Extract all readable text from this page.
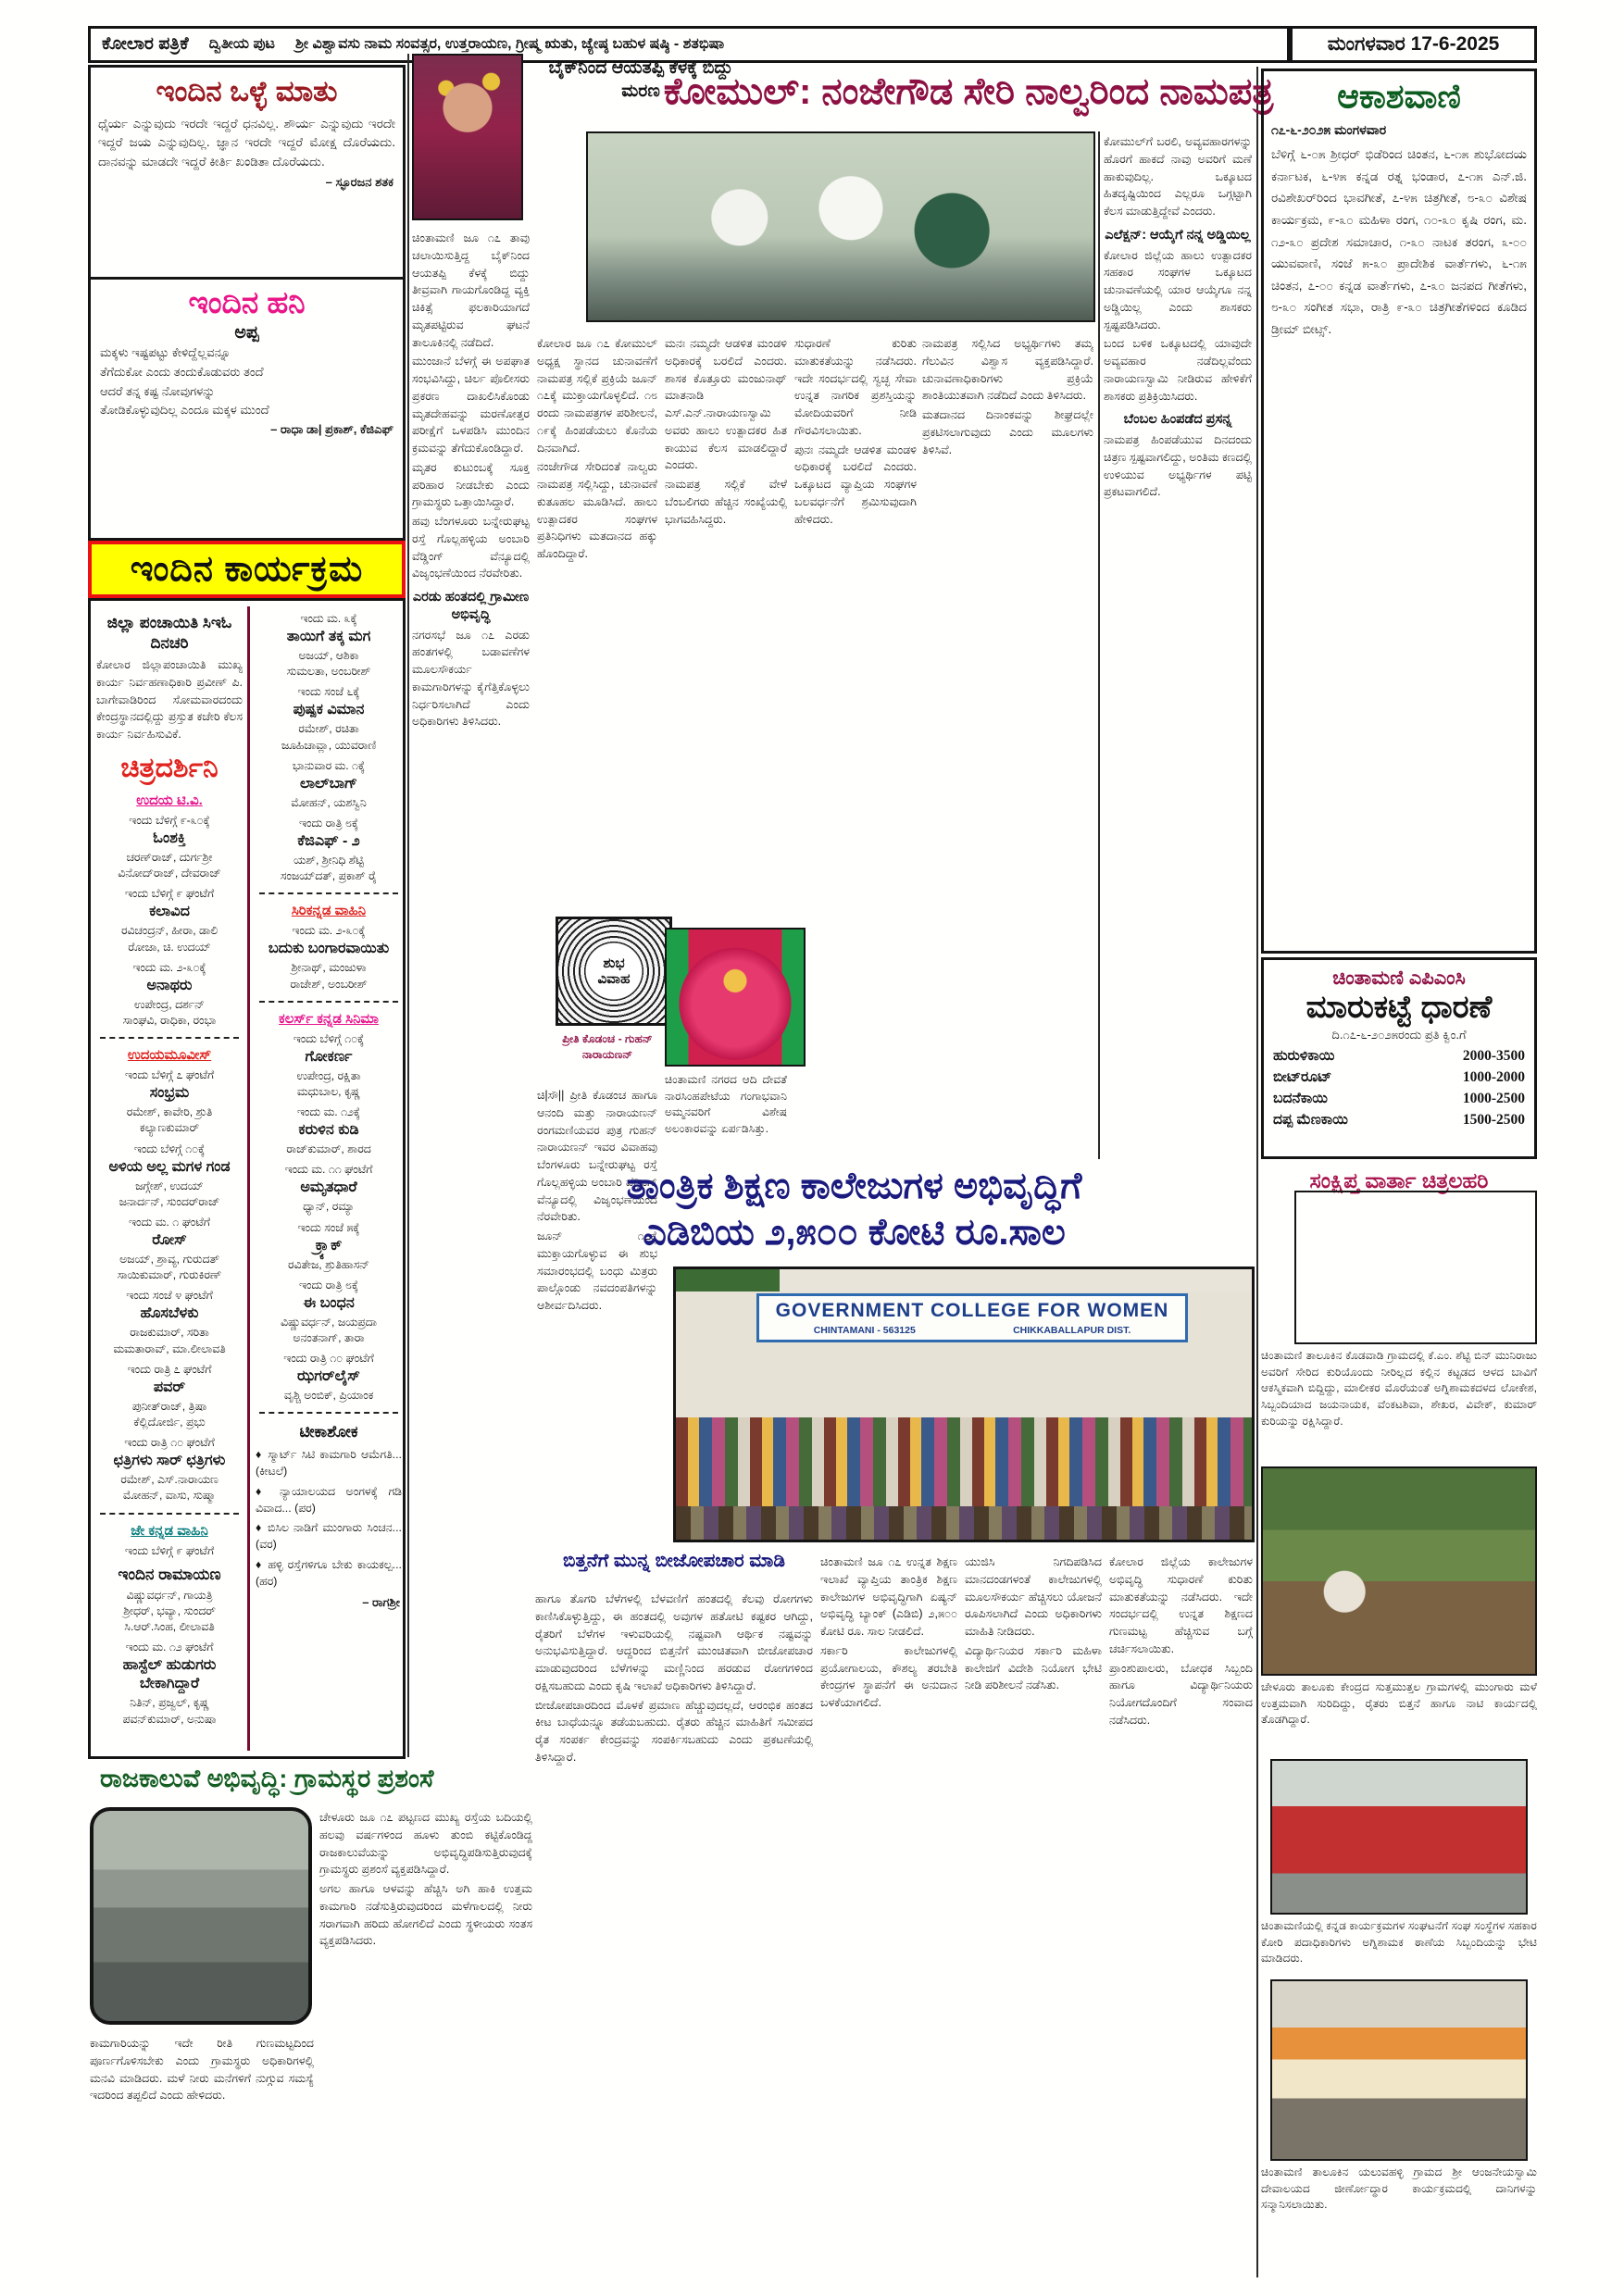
ಕೋಲಾರ ಪತ್ರಿಕೆ ದ್ವಿತೀಯ ಪುಟ ಶ್ರೀ ವಿಶ್ವಾವಸು ನಾಮ ಸಂವತ್ಸರ, ಉತ್ತರಾಯಣ, ಗ್ರೀಷ್ಮ ಋತು, ಜ್ಯೇಷ್ಠ ಬಹುಳ ಷಷ್ಠಿ - ಶತಭಿಷಾ	ಮಂಗಳವಾರ 17-6-2025
ಇಂದಿನ ಒಳ್ಳೆ ಮಾತು
ಧೈರ್ಯ ಎನ್ನುವುದು ಇರದೇ ಇದ್ದರೆ ಧನವಿಲ್ಲ. ಶೌರ್ಯ ಎನ್ನುವುದು ಇರದೇ ಇದ್ದರೆ ಜಯ ಎನ್ನುವುದಿಲ್ಲ. ಜ್ಞಾನ ಇರದೇ ಇದ್ದರೆ ಮೋಕ್ಷ ದೊರೆಯದು. ದಾನವನ್ನು ಮಾಡದೇ ಇದ್ದರೆ ಕೀರ್ತಿ ಖಂಡಿತಾ ದೊರೆಯದು.
– ಸ್ಫೂರಜನ ಶತಕ
ಇಂದಿನ ಹನಿ
ಅಪ್ಪ
ಮಕ್ಕಳು ಇಷ್ಟಪಟ್ಟು ಕೇಳಿದ್ದೆಲ್ಲವನ್ನೂ
ತೆಗೆದುಕೋ ಎಂದು ತಂದುಕೊಡುವರು ತಂದೆ
ಆದರೆ ತನ್ನ ಕಷ್ಟ ನೋವುಗಳನ್ನು
ತೋಡಿಕೊಳ್ಳುವುದಿಲ್ಲ ಎಂದೂ ಮಕ್ಕಳ ಮುಂದೆ
– ರಾಧಾ ಡಾ| ಪ್ರಕಾಶ್, ಕೆಜಿಎಫ್
ಇಂದಿನ ಕಾರ್ಯಕ್ರಮ
ಜಿಲ್ಲಾ ಪಂಚಾಯಿತಿ ಸಿಇಓ ದಿನಚರಿ
ಕೋಲಾರ ಜಿಲ್ಲಾಪಂಚಾಯಿತಿ ಮುಖ್ಯ ಕಾರ್ಯ ನಿರ್ವಹಣಾಧಿಕಾರಿ ಪ್ರವೀಣ್ ಪಿ. ಬಾಗೇವಾಡಿರಿಂದ ಸೋಮವಾರದಂದು ಕೇಂದ್ರಸ್ಥಾನದಲ್ಲಿದ್ದು ಪ್ರಸ್ತುತ ಕಚೇರಿ ಕೆಲಸ ಕಾರ್ಯ ನಿರ್ವಹಿಸುವಿಕೆ.
ಚಿತ್ರದರ್ಶಿನಿ
ಉದಯ ಟಿ.ವಿ.
ಇಂದು ಬೆಳಿಗ್ಗೆ ೯-೩೦ಕ್ಕೆ
ಓಂಶಕ್ತಿ
ಚರಣ್‌ರಾಜ್, ದುರ್ಗಶ್ರೀ
ವಿನೋದ್‌ರಾಜ್, ದೇವರಾಜ್
ಇಂದು ಬೆಳಿಗ್ಗೆ ೯ ಘಂಟೆಗೆ
ಕಲಾವಿದ
ರವಿಚಂದ್ರನ್, ಹೀರಾ, ಡಾಲಿ
ರೋಜಾ, ಚಿ. ಉದಯ್
ಇಂದು ಮ. ೨-೩೦ಕ್ಕೆ
ಅನಾಥರು
ಉಪೇಂದ್ರ, ದರ್ಶನ್
ಸಾಂಘವಿ, ರಾಧಿಕಾ, ರಂಭಾ
ಉದಯಮೂವೀಸ್
ಇಂದು ಬೆಳಿಗ್ಗೆ ೭ ಘಂಟೆಗೆ
ಸಂಭ್ರಮ
ರಮೇಶ್, ಕಾವೇರಿ, ಶ್ರುತಿ
ಕಲ್ಯಾಣಕುಮಾರ್
ಇಂದು ಬೆಳಿಗ್ಗೆ ೧೦ಕ್ಕೆ
ಅಳಿಯ ಅಲ್ಲ ಮಗಳ ಗಂಡ
ಜಗ್ಗೇಶ್, ಉದಯ್
ಜನಾರ್ದನ್, ಸುಂದರ್‌ರಾಜ್
ಇಂದು ಮ. ೧ ಘಂಟೆಗೆ
ರೋಸ್
ಅಜಯ್, ಶ್ರಾವ್ಯ, ಗುರುದತ್
ಸಾಯಿಕುಮಾರ್, ಗುರುಕಿರಣ್
ಇಂದು ಸಂಜೆ ೪ ಘಂಟೆಗೆ
ಹೊಸಬೆಳಕು
ರಾಜಕುಮಾರ್, ಸರಿತಾ
ಮಮತಾರಾವ್, ಮಾ.ಲೀಲಾವತಿ
ಇಂದು ರಾತ್ರಿ ೭ ಘಂಟೆಗೆ
ಪವರ್
ಪುನೀತ್‌ರಾಜ್, ತ್ರಿಷಾ
ಕೆಲ್ಲಿದೋರ್ಜಿ, ಪ್ರಭು
ಇಂದು ರಾತ್ರಿ ೧೦ ಘಂಟೆಗೆ
ಛತ್ರಿಗಳು ಸಾರ್ ಛತ್ರಿಗಳು
ರಮೇಶ್, ಎಸ್.ನಾರಾಯಣ
ಮೋಹನ್, ವಾಸು, ಸುಷ್ಮಾ
ಜೇ ಕನ್ನಡ ವಾಹಿನಿ
ಇಂದು ಬೆಳಿಗ್ಗೆ ೯ ಘಂಟೆಗೆ
ಇಂದಿನ ರಾಮಾಯಣ
ವಿಷ್ಣುವರ್ಧನ್, ಗಾಯತ್ರಿ
ಶ್ರೀಧರ್, ಭವ್ಯಾ, ಸುಂದರ್
ಸಿ.ಆರ್.ಸಿಂಹ, ಲೀಲಾವತಿ
ಇಂದು ಮ. ೧೨ ಘಂಟೆಗೆ
ಹಾಸ್ಟೆಲ್ ಹುಡುಗರು ಬೇಕಾಗಿದ್ದಾರೆ
ನಿತಿನ್, ಪ್ರಜ್ವಲ್, ಕೃಷ್ಣ
ಪವನ್‌ಕುಮಾರ್, ಅನುಷಾ
ಇಂದು ಮ. ೩ಕ್ಕೆ
ತಾಯಿಗೆ ತಕ್ಕ ಮಗ
ಅಜಯ್, ಆಶಿಕಾ
ಸುಮಲತಾ, ಅಂಬರೀಶ್
ಇಂದು ಸಂಜೆ ೬ಕ್ಕೆ
ಪುಷ್ಪಕ ವಿಮಾನ
ರಮೇಶ್, ರಚಿತಾ
ಜೂಹಿಚಾವ್ಲಾ, ಯುವರಾಣಿ
ಭಾನುವಾರ ಮ. ೧ಕ್ಕೆ
ಲಾಲ್‌ಬಾಗ್
ಮೋಹನ್, ಯಶಸ್ವಿನಿ
ಇಂದು ರಾತ್ರಿ ೮ಕ್ಕೆ
ಕೆಜಿಎಫ್ - ೨
ಯಶ್, ಶ್ರೀನಿಧಿ ಶೆಟ್ಟಿ
ಸಂಜಯ್‌ದತ್, ಪ್ರಕಾಶ್ ರೈ
ಸಿರಿಕನ್ನಡ ವಾಹಿನಿ
ಇಂದು ಮ. ೨-೩೦ಕ್ಕೆ
ಬದುಕು ಬಂಗಾರವಾಯಿತು
ಶ್ರೀನಾಥ್, ಮಂಜುಳಾ
ರಾಜೇಶ್, ಅಂಬರೀಶ್
ಕಲರ್ಸ್ ಕನ್ನಡ ಸಿನಿಮಾ
ಇಂದು ಬೆಳಿಗ್ಗೆ ೧೦ಕ್ಕೆ
ಗೋಕರ್ಣ
ಉಪೇಂದ್ರ, ರಕ್ಷಿತಾ
ಮಧುಬಾಲ, ಕೃಷ್ಣ
ಇಂದು ಮ. ೧೨ಕ್ಕೆ
ಕರುಳಿನ ಕುಡಿ
ರಾಜ್‌ಕುಮಾರ್, ಶಾರದ
ಇಂದು ಮ. ೧೧ ಘಂಟೆಗೆ
ಅಮೃತಧಾರೆ
ಧ್ಯಾನ್, ರಮ್ಯಾ
ಇಂದು ಸಂಜೆ ೫ಕ್ಕೆ
ಕ್ರ್ಯಾಕ್
ರವಿತೇಜ, ಶ್ರುತಿಹಾಸನ್
ಇಂದು ರಾತ್ರಿ ೮ಕ್ಕೆ
ಈ ಬಂಧನ
ವಿಷ್ಣುವರ್ಧನ್, ಜಯಪ್ರದಾ
ಅನಂತನಾಗ್, ತಾರಾ
ಇಂದು ರಾತ್ರಿ ೧೦ ಘಂಟೆಗೆ
ಝಗರ್‌ಲೈಸ್
ವೃಶ್ಚಿ ಅಂಬಿಕ್, ಪ್ರಿಯಾಂಕ
ಟೀಕಾಶೋಕ
♦ ಸ್ಮಾರ್ಟ್ ಸಿಟಿ ಕಾಮಗಾರಿ ಆಮೆಗತಿ... (ಕೀಟಲೆ)
♦ ನ್ಯಾಯಾಲಯದ ಅಂಗಳಕ್ಕೆ ಗಡಿ ವಿವಾದ... (ಪರ)
♦ ಬಿಸಿಲ ನಾಡಿಗೆ ಮುಂಗಾರು ಸಿಂಚನ... (ವರ)
♦ ಹಳ್ಳಿ ರಸ್ತೆಗಳಿಗೂ ಬೇಕು ಕಾಯಕಲ್ಪ... (ಹರ)
– ರಾಗಶ್ರೀ
ರಾಜಕಾಲುವೆ ಅಭಿವೃದ್ಧಿ: ಗ್ರಾಮಸ್ಥರ ಪ್ರಶಂಸೆ
ಚೇಳೂರು ಜೂ ೧೭ ಪಟ್ಟಣದ ಮುಖ್ಯ ರಸ್ತೆಯ ಬದಿಯಲ್ಲಿ ಹಲವು ವರ್ಷಗಳಿಂದ ಹೂಳು ತುಂಬಿ ಕಟ್ಟಿಕೊಂಡಿದ್ದ ರಾಜಕಾಲುವೆಯನ್ನು ಅಭಿವೃದ್ಧಿಪಡಿಸುತ್ತಿರುವುದಕ್ಕೆ ಗ್ರಾಮಸ್ಥರು ಪ್ರಶಂಸೆ ವ್ಯಕ್ತಪಡಿಸಿದ್ದಾರೆ.
ಅಗಲ ಹಾಗೂ ಆಳವನ್ನು ಹೆಚ್ಚಿಸಿ ಅಗಿ ಹಾಕಿ ಉತ್ತಮ ಕಾಮಗಾರಿ ನಡೆಸುತ್ತಿರುವುದರಿಂದ ಮಳೆಗಾಲದಲ್ಲಿ ನೀರು ಸರಾಗವಾಗಿ ಹರಿದು ಹೋಗಲಿದೆ ಎಂದು ಸ್ಥಳೀಯರು ಸಂತಸ ವ್ಯಕ್ತಪಡಿಸಿದರು.
ಕಾಮಗಾರಿಯನ್ನು ಇದೇ ರೀತಿ ಗುಣಮಟ್ಟದಿಂದ ಪೂರ್ಣಗೊಳಿಸಬೇಕು ಎಂದು ಗ್ರಾಮಸ್ಥರು ಅಧಿಕಾರಿಗಳಲ್ಲಿ ಮನವಿ ಮಾಡಿದರು. ಮಳೆ ನೀರು ಮನೆಗಳಿಗೆ ನುಗ್ಗುವ ಸಮಸ್ಯೆ ಇದರಿಂದ ತಪ್ಪಲಿದೆ ಎಂದು ಹೇಳಿದರು.
ಬೈಕ್‌ನಿಂದ ಆಯತಪ್ಪಿ ಕೆಳಕ್ಕೆ ಬಿದ್ದು ಮರಣ ಕೋಮುಲ್: ನಂಜೇಗೌಡ ಸೇರಿ ನಾಲ್ವರಿಂದ ನಾಮಪತ್ರ
ಚಿಂತಾಮಣಿ ಜೂ ೧೭ ತಾವು ಚಲಾಯಿಸುತ್ತಿದ್ದ ಬೈಕ್‌ನಿಂದ ಆಯತಪ್ಪಿ ಕೆಳಕ್ಕೆ ಬಿದ್ದು ತೀವ್ರವಾಗಿ ಗಾಯಗೊಂಡಿದ್ದ ವ್ಯಕ್ತಿ ಚಿಕಿತ್ಸೆ ಫಲಕಾರಿಯಾಗದೆ ಮೃತಪಟ್ಟಿರುವ ಘಟನೆ ತಾಲೂಕಿನಲ್ಲಿ ನಡೆದಿದೆ.
ಮುಂಜಾನೆ ಬೆಳಗ್ಗೆ ಈ ಅಪಘಾತ ಸಂಭವಿಸಿದ್ದು, ಚಿರ್ಲ ಪೊಲೀಸರು ಪ್ರಕರಣ ದಾಖಲಿಸಿಕೊಂಡು ಮೃತದೇಹವನ್ನು ಮರಣೋತ್ತರ ಪರೀಕ್ಷೆಗೆ ಒಳಪಡಿಸಿ ಮುಂದಿನ ಕ್ರಮವನ್ನು ತೆಗೆದುಕೊಂಡಿದ್ದಾರೆ.
ಮೃತರ ಕುಟುಂಬಕ್ಕೆ ಸೂಕ್ತ ಪರಿಹಾರ ನೀಡಬೇಕು ಎಂದು ಗ್ರಾಮಸ್ಥರು ಒತ್ತಾಯಿಸಿದ್ದಾರೆ.
ಹವು ಬೆಂಗಳೂರು ಬನ್ನೇರುಘಟ್ಟ ರಸ್ತೆ ಗೊಲ್ಲಹಳ್ಳಿಯ ಅಂಬಾರಿ ವೆಡ್ಡಿಂಗ್ ವೆನ್ಯೂದಲ್ಲಿ ವಿಜೃಂಭಣೆಯಿಂದ ನೆರವೇರಿತು.
ಎರಡು ಹಂತದಲ್ಲಿ ಗ್ರಾಮೀಣ ಅಭಿವೃದ್ಧಿ
ನಗರಸಭೆ ಜೂ ೧೭ ಎರಡು ಹಂತಗಳಲ್ಲಿ ಬಡಾವಣೆಗಳ ಮೂಲಸೌಕರ್ಯ ಕಾಮಗಾರಿಗಳನ್ನು ಕೈಗೆತ್ತಿಕೊಳ್ಳಲು ನಿರ್ಧರಿಸಲಾಗಿದೆ ಎಂದು ಅಧಿಕಾರಿಗಳು ತಿಳಿಸಿದರು.
ಕೋಲಾರ ಜೂ ೧೭ ಕೋಮುಲ್ ಅಧ್ಯಕ್ಷ ಸ್ಥಾನದ ಚುನಾವಣೆಗೆ ನಾಮಪತ್ರ ಸಲ್ಲಿಕೆ ಪ್ರಕ್ರಿಯೆ ಜೂನ್ ೧೭ಕ್ಕೆ ಮುಕ್ತಾಯಗೊಳ್ಳಲಿದೆ. ೧೮ ರಂದು ನಾಮಪತ್ರಗಳ ಪರಿಶೀಲನೆ, ೧೯ಕ್ಕೆ ಹಿಂಪಡೆಯಲು ಕೊನೆಯ ದಿನವಾಗಿದೆ.
ನಂಜೇಗೌಡ ಸೇರಿದಂತೆ ನಾಲ್ವರು ನಾಮಪತ್ರ ಸಲ್ಲಿಸಿದ್ದು, ಚುನಾವಣೆ ಕುತೂಹಲ ಮೂಡಿಸಿದೆ. ಹಾಲು ಉತ್ಪಾದಕರ ಸಂಘಗಳ ಪ್ರತಿನಿಧಿಗಳು ಮತದಾನದ ಹಕ್ಕು ಹೊಂದಿದ್ದಾರೆ.
ಮನಃ ನಮ್ಮದೇ ಆಡಳಿತ ಮಂಡಳಿ ಅಧಿಕಾರಕ್ಕೆ ಬರಲಿದೆ ಎಂದರು. ಶಾಸಕ ಕೊತ್ತೂರು ಮಂಜುನಾಥ್ ಮಾತನಾಡಿ ಎಸ್.ಎನ್.ನಾರಾಯಣಸ್ವಾಮಿ ಅವರು ಹಾಲು ಉತ್ಪಾದಕರ ಹಿತ ಕಾಯುವ ಕೆಲಸ ಮಾಡಲಿದ್ದಾರೆ ಎಂದರು.
ನಾಮಪತ್ರ ಸಲ್ಲಿಕೆ ವೇಳೆ ಬೆಂಬಲಿಗರು ಹೆಚ್ಚಿನ ಸಂಖ್ಯೆಯಲ್ಲಿ ಭಾಗವಹಿಸಿದ್ದರು.
ಸುಧಾರಣೆ ಕುರಿತು ಮಾತುಕತೆಯನ್ನು ನಡೆಸಿದರು. ಇದೇ ಸಂದರ್ಭದಲ್ಲಿ ಸ್ವಚ್ಛ ಸೇವಾ ಉನ್ನತ ನಾಗರಿಕ ಪ್ರಶಸ್ತಿಯನ್ನು ಮೋದಿಯವರಿಗೆ ನೀಡಿ ಗೌರವಿಸಲಾಯಿತು.
ಪುನಃ ನಮ್ಮದೇ ಆಡಳಿತ ಮಂಡಳಿ ಅಧಿಕಾರಕ್ಕೆ ಬರಲಿದೆ ಎಂದರು. ಒಕ್ಕೂಟದ ವ್ಯಾಪ್ತಿಯ ಸಂಘಗಳ ಬಲವರ್ಧನೆಗೆ ಶ್ರಮಿಸುವುದಾಗಿ ಹೇಳಿದರು.
ನಾಮಪತ್ರ ಸಲ್ಲಿಸಿದ ಅಭ್ಯರ್ಥಿಗಳು ತಮ್ಮ ಗೆಲುವಿನ ವಿಶ್ವಾಸ ವ್ಯಕ್ತಪಡಿಸಿದ್ದಾರೆ. ಚುನಾವಣಾಧಿಕಾರಿಗಳು ಪ್ರಕ್ರಿಯೆ ಶಾಂತಿಯುತವಾಗಿ ನಡೆದಿದೆ ಎಂದು ತಿಳಿಸಿದರು.
ಮತದಾನದ ದಿನಾಂಕವನ್ನು ಶೀಘ್ರದಲ್ಲೇ ಪ್ರಕಟಿಸಲಾಗುವುದು ಎಂದು ಮೂಲಗಳು ತಿಳಿಸಿವೆ.
ಕೋಮುಲ್‌ಗೆ ಬರಲಿ, ಅವ್ಯವಹಾರಗಳನ್ನು ಹೊರಗೆ ಹಾಕದೆ ನಾವು ಅವರಿಗೆ ಮಣೆ ಹಾಕುವುದಿಲ್ಲ. ಒಕ್ಕೂಟದ ಹಿತದೃಷ್ಟಿಯಿಂದ ಎಲ್ಲರೂ ಒಗ್ಗಟ್ಟಾಗಿ ಕೆಲಸ ಮಾಡುತ್ತಿದ್ದೇವೆ ಎಂದರು.
ಎಲೆಕ್ಷನ್: ಆಯ್ಕೆಗೆ ನನ್ನ ಅಡ್ಡಿಯಿಲ್ಲ
ಕೋಲಾರ ಜಿಲ್ಲೆಯ ಹಾಲು ಉತ್ಪಾದಕರ ಸಹಕಾರ ಸಂಘಗಳ ಒಕ್ಕೂಟದ ಚುನಾವಣೆಯಲ್ಲಿ ಯಾರ ಆಯ್ಕೆಗೂ ನನ್ನ ಅಡ್ಡಿಯಿಲ್ಲ ಎಂದು ಶಾಸಕರು ಸ್ಪಷ್ಟಪಡಿಸಿದರು.
ಬಂದ ಬಳಿಕ ಒಕ್ಕೂಟದಲ್ಲಿ ಯಾವುದೇ ಅವ್ಯವಹಾರ ನಡೆದಿಲ್ಲವೆಂದು ನಾರಾಯಣಸ್ವಾಮಿ ನೀಡಿರುವ ಹೇಳಿಕೆಗೆ ಶಾಸಕರು ಪ್ರತಿಕ್ರಿಯಿಸಿದರು.
ಬೆಂಬಲ ಹಿಂಪಡೆದ ಪ್ರಸನ್ನ
ನಾಮಪತ್ರ ಹಿಂಪಡೆಯುವ ದಿನದಂದು ಚಿತ್ರಣ ಸ್ಪಷ್ಟವಾಗಲಿದ್ದು, ಅಂತಿಮ ಕಣದಲ್ಲಿ ಉಳಿಯುವ ಅಭ್ಯರ್ಥಿಗಳ ಪಟ್ಟಿ ಪ್ರಕಟವಾಗಲಿದೆ.
ಶುಭ
ವಿವಾಹ
ಪ್ರೀತಿ ಕೊಡಂಚ - ಗುಹನ್ ನಾರಾಯಣನ್
ಚಿ|ಸೌ|| ಪ್ರೀತಿ ಕೊಡಂಚ ಹಾಗೂ ಆನಂದಿ ಮತ್ತು ನಾರಾಯಣನ್ ರಂಗಮಣಿಯವರ ಪುತ್ರ ಗುಹನ್ ನಾರಾಯಣನ್ ಇವರ ವಿವಾಹವು ಬೆಂಗಳೂರು ಬನ್ನೇರುಘಟ್ಟ ರಸ್ತೆ ಗೊಲ್ಲಹಳ್ಳಿಯ ಅಂಬಾರಿ ವೆಡ್ಡಿಂಗ್ ವೆನ್ಯೂದಲ್ಲಿ ವಿಜೃಂಭಣೆಯಿಂದ ನೆರವೇರಿತು.
ಜೂನ್ ೧೭ಕ್ಕೆ ಮುಕ್ತಾಯಗೊಳ್ಳುವ ಈ ಶುಭ ಸಮಾರಂಭದಲ್ಲಿ ಬಂಧು ಮಿತ್ರರು ಪಾಲ್ಗೊಂಡು ನವದಂಪತಿಗಳನ್ನು ಆಶೀರ್ವದಿಸಿದರು.
ಚಿಂತಾಮಣಿ ನಗರದ ಆದಿ ದೇವತೆ ನಾರಸಿಂಹಪೇಟೆಯ ಗಂಗಾಭವಾನಿ ಅಮ್ಮನವರಿಗೆ ವಿಶೇಷ ಅಲಂಕಾರವನ್ನು ಏರ್ಪಡಿಸಿತ್ತು.
ತಾಂತ್ರಿಕ ಶಿಕ್ಷಣ ಕಾಲೇಜುಗಳ ಅಭಿವೃದ್ಧಿಗೆ
ಎಡಿಬಿಯ ೨,೫೦೦ ಕೋಟಿ ರೂ.ಸಾಲ
ಸಂಕ್ಷಿಪ್ತ ವಾರ್ತಾ ಚಿತ್ರಲಹರಿ
GOVERNMENT COLLEGE FOR WOMEN
CHINTAMANI - 563125	CHIKKABALLAPUR DIST.
ಬಿತ್ತನೆಗೆ ಮುನ್ನ ಬೀಜೋಪಚಾರ ಮಾಡಿ
ಹಾಗೂ ತೊಗರಿ ಬೆಳೆಗಳಲ್ಲಿ ಬೆಳವಣಿಗೆ ಹಂತದಲ್ಲಿ ಕೆಲವು ರೋಗಗಳು ಕಾಣಿಸಿಕೊಳ್ಳುತ್ತಿದ್ದು, ಈ ಹಂತದಲ್ಲಿ ಅವುಗಳ ಹತೋಟಿ ಕಷ್ಟಕರ ಆಗಿದ್ದು, ರೈತರಿಗೆ ಬೆಳೆಗಳ ಇಳುವರಿಯಲ್ಲಿ ನಷ್ಟವಾಗಿ ಆರ್ಥಿಕ ನಷ್ಟವನ್ನು ಅನುಭವಿಸುತ್ತಿದ್ದಾರೆ. ಆದ್ದರಿಂದ ಬಿತ್ತನೆಗೆ ಮುಂಚಿತವಾಗಿ ಬೀಜೋಪಚಾರ ಮಾಡುವುದರಿಂದ ಬೆಳೆಗಳನ್ನು ಮಣ್ಣಿನಿಂದ ಹರಡುವ ರೋಗಗಳಿಂದ ರಕ್ಷಿಸಬಹುದು ಎಂದು ಕೃಷಿ ಇಲಾಖೆ ಅಧಿಕಾರಿಗಳು ತಿಳಿಸಿದ್ದಾರೆ.
ಬೀಜೋಪಚಾರದಿಂದ ಮೊಳಕೆ ಪ್ರಮಾಣ ಹೆಚ್ಚುವುದಲ್ಲದೆ, ಆರಂಭಿಕ ಹಂತದ ಕೀಟ ಬಾಧೆಯನ್ನೂ ತಡೆಯಬಹುದು. ರೈತರು ಹೆಚ್ಚಿನ ಮಾಹಿತಿಗೆ ಸಮೀಪದ ರೈತ ಸಂಪರ್ಕ ಕೇಂದ್ರವನ್ನು ಸಂಪರ್ಕಿಸಬಹುದು ಎಂದು ಪ್ರಕಟಣೆಯಲ್ಲಿ ತಿಳಿಸಿದ್ದಾರೆ.
ಚಿಂತಾಮಣಿ ಜೂ ೧೭ ಉನ್ನತ ಶಿಕ್ಷಣ ಇಲಾಖೆ ವ್ಯಾಪ್ತಿಯ ತಾಂತ್ರಿಕ ಶಿಕ್ಷಣ ಕಾಲೇಜುಗಳ ಅಭಿವೃದ್ಧಿಗಾಗಿ ಏಷ್ಯನ್ ಅಭಿವೃದ್ಧಿ ಬ್ಯಾಂಕ್ (ಎಡಿಬಿ) ೨,೫೦೦ ಕೋಟಿ ರೂ. ಸಾಲ ನೀಡಲಿದೆ.
ಸರ್ಕಾರಿ ಕಾಲೇಜುಗಳಲ್ಲಿ ಪ್ರಯೋಗಾಲಯ, ಕೌಶಲ್ಯ ತರಬೇತಿ ಕೇಂದ್ರಗಳ ಸ್ಥಾಪನೆಗೆ ಈ ಅನುದಾನ ಬಳಕೆಯಾಗಲಿದೆ.
ಯುಜಿಸಿ ನಿಗದಿಪಡಿಸಿದ ಮಾನದಂಡಗಳಂತೆ ಕಾಲೇಜುಗಳಲ್ಲಿ ಮೂಲಸೌಕರ್ಯ ಹೆಚ್ಚಿಸಲು ಯೋಜನೆ ರೂಪಿಸಲಾಗಿದೆ ಎಂದು ಅಧಿಕಾರಿಗಳು ಮಾಹಿತಿ ನೀಡಿದರು.
ವಿದ್ಯಾರ್ಥಿನಿಯರ ಸರ್ಕಾರಿ ಮಹಿಳಾ ಕಾಲೇಜಿಗೆ ವಿದೇಶಿ ನಿಯೋಗ ಭೇಟಿ ನೀಡಿ ಪರಿಶೀಲನೆ ನಡೆಸಿತು.
ಕೋಲಾರ ಜಿಲ್ಲೆಯ ಕಾಲೇಜುಗಳ ಅಭಿವೃದ್ಧಿ ಸುಧಾರಣೆ ಕುರಿತು ಮಾತುಕತೆಯನ್ನು ನಡೆಸಿದರು. ಇದೇ ಸಂದರ್ಭದಲ್ಲಿ ಉನ್ನತ ಶಿಕ್ಷಣದ ಗುಣಮಟ್ಟ ಹೆಚ್ಚಿಸುವ ಬಗ್ಗೆ ಚರ್ಚಿಸಲಾಯಿತು.
ಪ್ರಾಂಶುಪಾಲರು, ಬೋಧಕ ಸಿಬ್ಬಂದಿ ಹಾಗೂ ವಿದ್ಯಾರ್ಥಿನಿಯರು ನಿಯೋಗದೊಂದಿಗೆ ಸಂವಾದ ನಡೆಸಿದರು.
ಆಕಾಶವಾಣಿ
೧೭-೬-೨೦೨೫ ಮಂಗಳವಾರ
ಬೆಳಿಗ್ಗೆ ೬-೦೫ ಶ್ರೀಧರ್ ಭಿಡೆರಿಂದ ಚಿಂತನ, ೬-೧೫ ಶುಭೋದಯ ಕರ್ನಾಟಕ, ೬-೪೫ ಕನ್ನಡ ರತ್ನ ಭಂಡಾರ, ೭-೧೫ ಎನ್.ಜಿ. ರವಿಶೇಖರ್‌ರಿಂದ ಭಾವಗೀತೆ, ೭-೪೫ ಚಿತ್ರಗೀತೆ, ೮-೩೦ ವಿಶೇಷ ಕಾರ್ಯಕ್ರಮ, ೯-೩೦ ಮಹಿಳಾ ರಂಗ, ೧೦-೩೦ ಕೃಷಿ ರಂಗ, ಮ. ೧೨-೩೦ ಪ್ರದೇಶ ಸಮಾಚಾರ, ೧-೩೦ ನಾಟಕ ತರಂಗ, ೩-೦೦ ಯುವವಾಣಿ, ಸಂಜೆ ೫-೩೦ ಪ್ರಾದೇಶಿಕ ವಾರ್ತೆಗಳು, ೬-೧೫ ಚಿಂತನ, ೭-೦೦ ಕನ್ನಡ ವಾರ್ತೆಗಳು, ೭-೩೦ ಜನಪದ ಗೀತೆಗಳು, ೮-೩೦ ಸಂಗೀತ ಸಭಾ, ರಾತ್ರಿ ೯-೩೦ ಚಿತ್ರಗೀತೆಗಳಿಂದ ಕೂಡಿದ ಡ್ರೀಮ್ ಬೀಟ್ಸ್.
ಚಿಂತಾಮಣಿ ಎಪಿಎಂಸಿ
ಮಾರುಕಟ್ಟೆ ಧಾರಣೆ
ದಿ.೧೭-೬-೨೦೨೫ರಂದು ಪ್ರತಿ ಕ್ವಿಂ.ಗೆ
ಹುರುಳಿಕಾಯಿ	2000-3500
ಬೀಟ್‌ರೂಟ್	1000-2000
ಬದನೆಕಾಯಿ	1000-2500
ದಪ್ಪ ಮೆಣಕಾಯಿ	1500-2500
ಚಿಂತಾಮಣಿ ತಾಲೂಕಿನ ಕೊಡವಾಡಿ ಗ್ರಾಮದಲ್ಲಿ ಕೆ.ಎಂ. ಶೆಟ್ಟಿ ಬಿನ್ ಮುನಿರಾಜು ಅವರಿಗೆ ಸೇರಿದ ಕುರಿಯೊಂದು ನೀರಿಲ್ಲದ ಕಲ್ಲಿನ ಕಟ್ಟಡದ ಆಳದ ಬಾವಿಗೆ ಆಕಸ್ಮಿಕವಾಗಿ ಬಿದ್ದಿದ್ದು, ಮಾಲೀಕರ ಮೊರೆಯಂತೆ ಅಗ್ನಿಶಾಮಕದಳದ ಲೋಕೇಶ, ಸಿಬ್ಬಂದಿಯಾದ ಜಯನಾಯಕ, ವೆಂಕಟಶಿವಾ, ಶೇಖರ, ವಿವೇಕ್, ಕುಮಾರ್ ಕುರಿಯನ್ನು ರಕ್ಷಿಸಿದ್ದಾರೆ.
ಚೇಳೂರು ತಾಲೂಕು ಕೇಂದ್ರದ ಸುತ್ತಮುತ್ತಲ ಗ್ರಾಮಗಳಲ್ಲಿ ಮುಂಗಾರು ಮಳೆ ಉತ್ತಮವಾಗಿ ಸುರಿದಿದ್ದು, ರೈತರು ಬಿತ್ತನೆ ಹಾಗೂ ನಾಟಿ ಕಾರ್ಯದಲ್ಲಿ ತೊಡಗಿದ್ದಾರೆ.
ಚಿಂತಾಮಣಿಯಲ್ಲಿ ಕನ್ನಡ ಕಾರ್ಯಕ್ರಮಗಳ ಸಂಘಟನೆಗೆ ಸಂಘ ಸಂಸ್ಥೆಗಳ ಸಹಕಾರ ಕೋರಿ ಪದಾಧಿಕಾರಿಗಳು ಅಗ್ನಿಶಾಮಕ ಠಾಣೆಯ ಸಿಬ್ಬಂದಿಯನ್ನು ಭೇಟಿ ಮಾಡಿದರು.
ಚಿಂತಾಮಣಿ ತಾಲೂಕಿನ ಯಲುವಹಳ್ಳಿ ಗ್ರಾಮದ ಶ್ರೀ ಆಂಜನೇಯಸ್ವಾಮಿ ದೇವಾಲಯದ ಜೀರ್ಣೋದ್ಧಾರ ಕಾರ್ಯಕ್ರಮದಲ್ಲಿ ದಾನಿಗಳನ್ನು ಸನ್ಮಾನಿಸಲಾಯಿತು.
